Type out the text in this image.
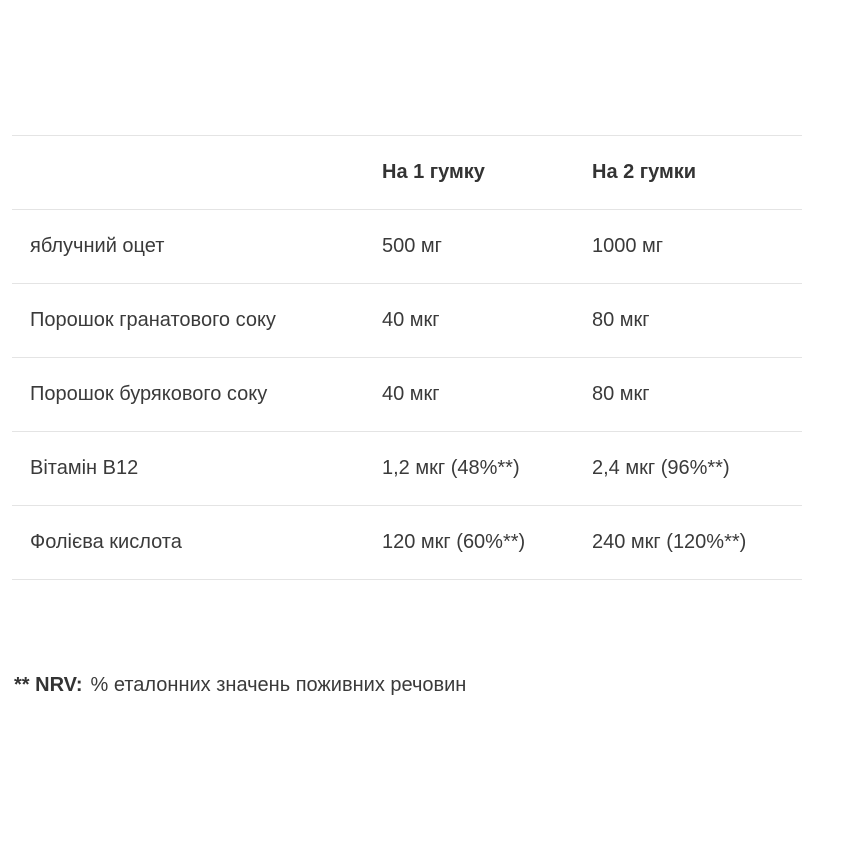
	На 1 гумку	На 2 гумки
яблучний оцет	500 мг	1000 мг
Порошок гранатового соку	40 мкг	80 мкг
Порошок бурякового соку	40 мкг	80 мкг
Вітамін B12	1,2 мкг (48%**)	2,4 мкг (96%**)
Фолієва кислота	120 мкг (60%**)	240 мкг (120%**)
** NRV: % еталонних значень поживних речовин
